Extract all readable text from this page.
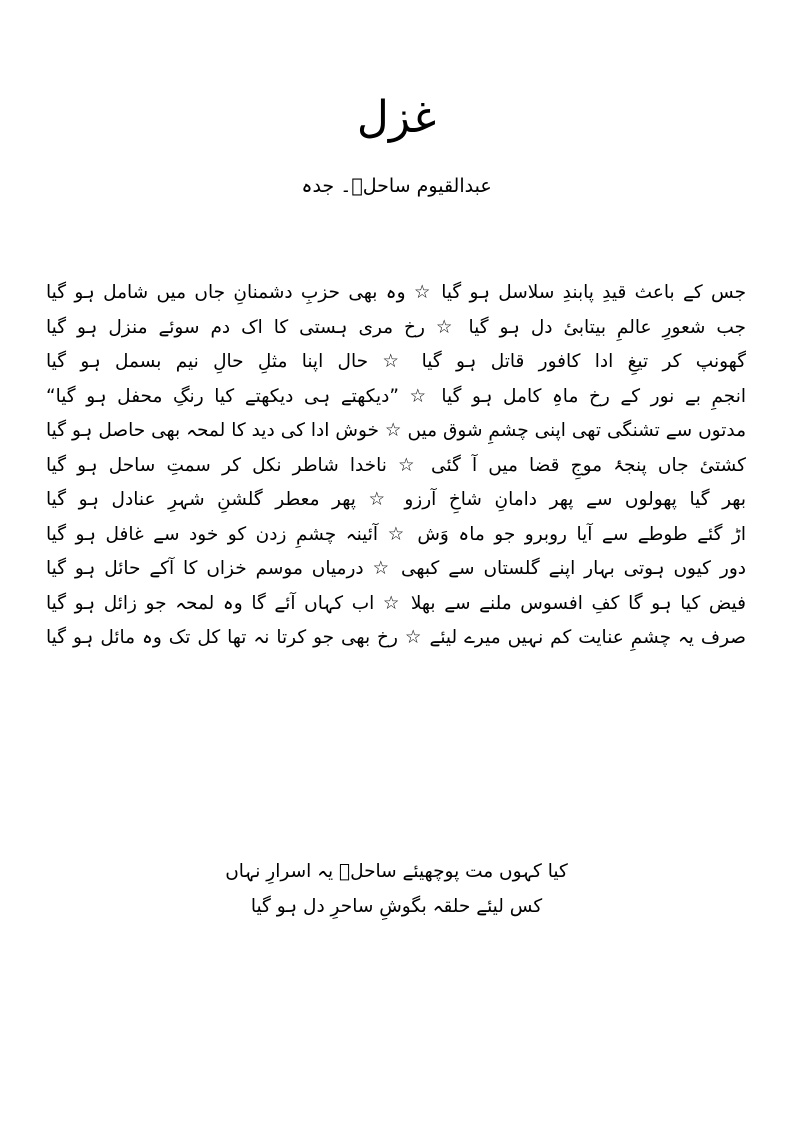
غزل
عبدالقیوم ساحلؔ۔ جدہ
جس کے باعث قیدِ پابندِ سلاسل ہو گیا ☆ وہ بھی حزبِ دشمنانِ جاں میں شامل ہو گیا
جب شعورِ عالمِ بیتابیٔ دل ہو گیا ☆ رخ مری ہستی کا اک دم سوئے منزل ہو گیا
گھونپ کر تیغِ ادا کافور قاتل ہو گیا ☆ حال اپنا مثلِ حالِ نیم بسمل ہو گیا
انجمِ بے نور کے رخ ماہِ کامل ہو گیا ☆ ”دیکھتے ہی دیکھتے کیا رنگِ محفل ہو گیا“
مدتوں سے تشنگی تھی اپنی چشمِ شوق میں ☆ خوش ادا کی دید کا لمحہ بھی حاصل ہو گیا
کشتیٔ جاں پنجۂ موجِ قضا میں آ گئی ☆ ناخدا شاطر نکل کر سمتِ ساحل ہو گیا
بھر گیا پھولوں سے پھر دامانِ شاخِ آرزو ☆ پھر معطر گلشنِ شہرِ عنادل ہو گیا
اڑ گئے طوطے سے آیا روبرو جو ماہ وَش ☆ آئینہ چشمِ زدن کو خود سے غافل ہو گیا
دور کیوں ہوتی بہار اپنے گلستاں سے کبھی ☆ درمیاں موسم خزاں کا آکے حائل ہو گیا
فیض کیا ہو گا کفِ افسوس ملنے سے بھلا ☆ اب کہاں آئے گا وہ لمحہ جو زائل ہو گیا
صرف یہ چشمِ عنایت کم نہیں میرے لیئے ☆ رخ بھی جو کرتا نہ تھا کل تک وہ مائل ہو گیا
کیا کہوں مت پوچھیئے ساحلؔ یہ اسرارِ نہاں
کس لیئے حلقہ بگوشِ ساحرِ دل ہو گیا
